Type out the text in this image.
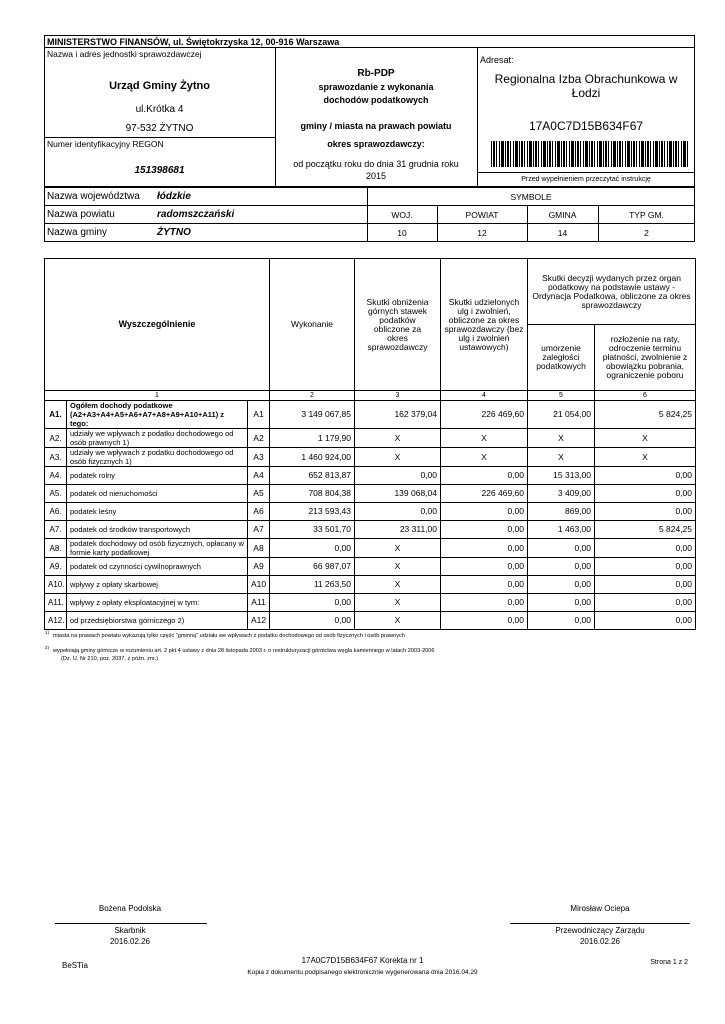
MINISTERSTWO FINANSÓW, ul. Świętokrzyska 12, 00-916 Warszawa
Nazwa i adres jednostki sprawozdawczej
Urząd Gminy Żytno
ul.Krótka 4
97-532 ŻYTNO
Numer identyfikacyjny REGON
151398681
Rb-PDP
sprawozdanie z wykonania
dochodów podatkowych
gminy / miasta na prawach powiatu
okres sprawozdawczy:
od początku roku do dnia 31 grudnia roku
2015
Adresat:
Regionalna Izba Obrachunkowa w
Łodzi
17A0C7D15B634F67
Przed wypełnieniem przeczytać instrukcję
Nazwa województwa łódzkie
Nazwa powiatu	radomszczański
Nazwa gminy	ŻYTNO
SYMBOLE
WOJ.	POWIAT	GMINA	TYP GM.
10	12	14	2
Wyszczególnienie			Wykonanie	Skutki obniżenia górnych stawek podatków obliczone za okres sprawozdawczy	Skutki udzielonych ulg i zwolnień, obliczone za okres sprawozdawczy (bez ulg i zwolnień ustawowych)	Skutki decyzji wydanych przez organ podatkowy na podstawie ustawy - Ordynacja Podatkowa, obliczone za okres sprawozdawczy	
						umorzenie zaległości podatkowych	rozłożenie na raty, odroczenie terminu płatności, zwolnienie z obowiązku pobrania, ograniczenie poboru
1			2	3	4	5	6
A1.	Ogółem dochody podatkowe (A2+A3+A4+A5+A6+A7+A8+A9+A10+A11) z tego:	A1	3 149 067,85	162 379,04	226 469,60	21 054,00	5 824,25
A2.	udziały we wpływach z podatku dochodowego od osób prawnych 1)	A2	1 179,90	X	X	X	X
A3.	udziały we wpływach z podatku dochodowego od osób fizycznych 1)	A3	1 460 924,00	X	X	X	X
A4.	podatek rolny	A4	652 813,87	0,00	0,00	15 313,00	0,00
A5.	podatek od nieruchomości	A5	708 804,38	139 068,04	226 469,60	3 409,00	0,00
A6.	podatek leśny	A6	213 593,43	0,00	0,00	869,00	0,00
A7.	podatek od środków transportowych	A7	33 501,70	23 311,00	0,00	1 463,00	5 824,25
A8.	podatek dochodowy od osób fizycznych, opłacany w formie karty podatkowej	A8	0,00	X	0,00	0,00	0,00
A9.	podatek od czynności cywilnoprawnych	A9	66 987,07	X	0,00	0,00	0,00
A10.	wpływy z opłaty skarbowej	A10	11 263,50	X	0,00	0,00	0,00
A11.	wpływy z opłaty eksploatacyjnej w tym:	A11	0,00	X	0,00	0,00	0,00
A12.	od przedsiębiorstwa górniczego 2)	A12	0,00	X	0,00	0,00	0,00
1)
miasta na prawach powiatu wykazują tylko część "gminną" udziału we wpływach z podatku dochodowego od osób fizycznych i osób prawnych
2)
wypełniają gminy górnicze w rozumieniu art. 2 pkt 4 ustawy z dnia 28 listopada 2003 r. o restrukturyzacji górnictwa węgla kamiennego w latach 2003-2006
(Dz. U. Nr 210, poz. 2037, z późn. zm.)
Bożena Podolska
Skarbnik
2016.02.26
Mirosław Ociepa
Przewodniczący Zarządu
2016.02.26
BeSTia
17A0C7D15B634F67 Korekta nr 1
Kopia z dokumentu podpisanego elektronicznie wygenerowana dnia 2016.04.29
Strona 1 z 2
